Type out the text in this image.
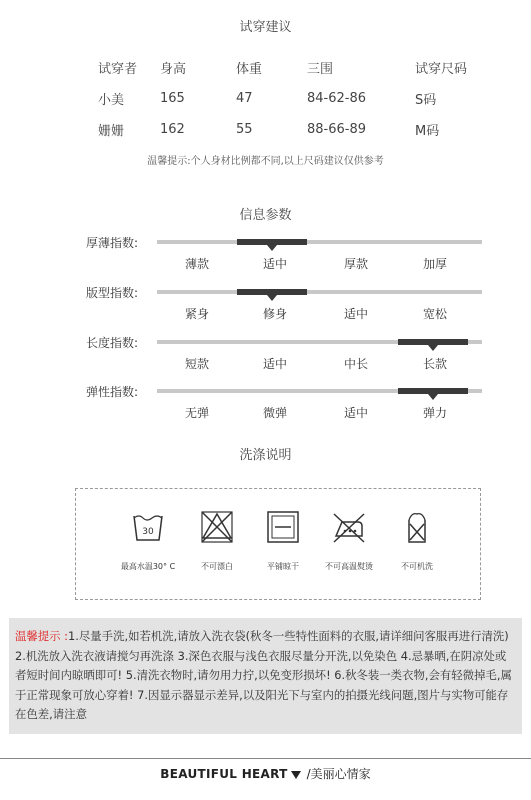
试穿建议
试穿者	身高	体重	三围	试穿尺码
小美	165	47	84-62-86	S码
姗姗	162	55	88-66-89	M码
温馨提示:个人身材比例都不同,以上尺码建议仅供参考
信息参数
厚薄指数:
薄款	适中	厚款	加厚
版型指数:
紧身	修身	适中	宽松
长度指数:
短款	适中	中长	长款
弹性指数:
无弹	微弹	适中	弹力
洗涤说明
30
最高水温30° C	不可漂白	平铺晾干	不可高温熨烫	不可机洗
温馨提示 :1.尽量手洗,如若机洗,请放入洗衣袋(秋冬一些特性面料的衣服,请详细问客服再进行清洗) 2.机洗放入洗衣液请搅匀再洗涤 3.深色衣服与浅色衣服尽量分开洗,以免染色 4.忌暴晒,在阴凉处或者短时间内晾晒即可! 5.清洗衣物时,请勿用力拧,以免变形损坏! 6.秋冬装一类衣物,会有轻微掉毛,属于正常现象可放心穿着! 7.因显示器显示差异,以及阳光下与室内的拍摄光线问题,图片与实物可能存在色差,请注意
BEAUTIFUL HEART /美丽心情家
